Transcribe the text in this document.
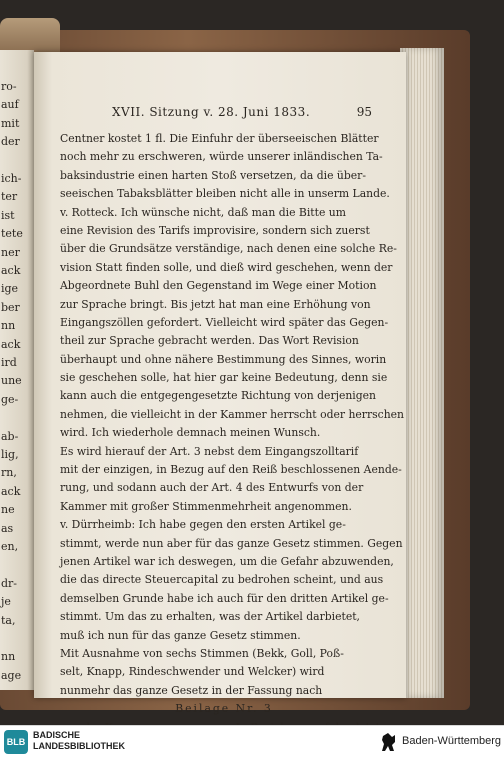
ro-
auf
mit
der
ich-
ter
ist
tete
ner
ack
ige
ber
nn
ack
ird
une
ge-
ab-
lig,
rn,
ack
ne
as
en,
dr-
je
ta,
nn
age
XVII. Sitzung v. 28. Juni 1833.	95
Centner kostet 1 fl. Die Einfuhr der überseeischen Blätter
noch mehr zu erschweren, würde unserer inländischen Ta-
baksindustrie einen harten Stoß versetzen, da die über-
seeischen Tabaksblätter bleiben nicht alle in unserm Lande.
v. Rotteck. Ich wünsche nicht, daß man die Bitte um
eine Revision des Tarifs improvisire, sondern sich zuerst
über die Grundsätze verständige, nach denen eine solche Re-
vision Statt finden solle, und dieß wird geschehen, wenn der
Abgeordnete Buhl den Gegenstand im Wege einer Motion
zur Sprache bringt. Bis jetzt hat man eine Erhöhung von
Eingangszöllen gefordert. Vielleicht wird später das Gegen-
theil zur Sprache gebracht werden. Das Wort Revision
überhaupt und ohne nähere Bestimmung des Sinnes, worin
sie geschehen solle, hat hier gar keine Bedeutung, denn sie
kann auch die entgegengesetzte Richtung von derjenigen
nehmen, die vielleicht in der Kammer herrscht oder herrschen
wird. Ich wiederhole demnach meinen Wunsch.
Es wird hierauf der Art. 3 nebst dem Eingangszolltarif
mit der einzigen, in Bezug auf den Reiß beschlossenen Aende-
rung, und sodann auch der Art. 4 des Entwurfs von der
Kammer mit großer Stimmenmehrheit angenommen.
v. Dürrheimb: Ich habe gegen den ersten Artikel ge-
stimmt, werde nun aber für das ganze Gesetz stimmen. Gegen
jenen Artikel war ich deswegen, um die Gefahr abzuwenden,
die das directe Steuercapital zu bedrohen scheint, und aus
demselben Grunde habe ich auch für den dritten Artikel ge-
stimmt. Um das zu erhalten, was der Artikel darbietet,
muß ich nun für das ganze Gesetz stimmen.
Mit Ausnahme von sechs Stimmen (Bekk, Goll, Poß-
selt, Knapp, Rindeschwender und Welcker) wird
nunmehr das ganze Gesetz in der Fassung nach
Beilage Nr. 3
BLB
BADISCHE
LANDESBIBLIOTHEK	Baden-Württemberg
